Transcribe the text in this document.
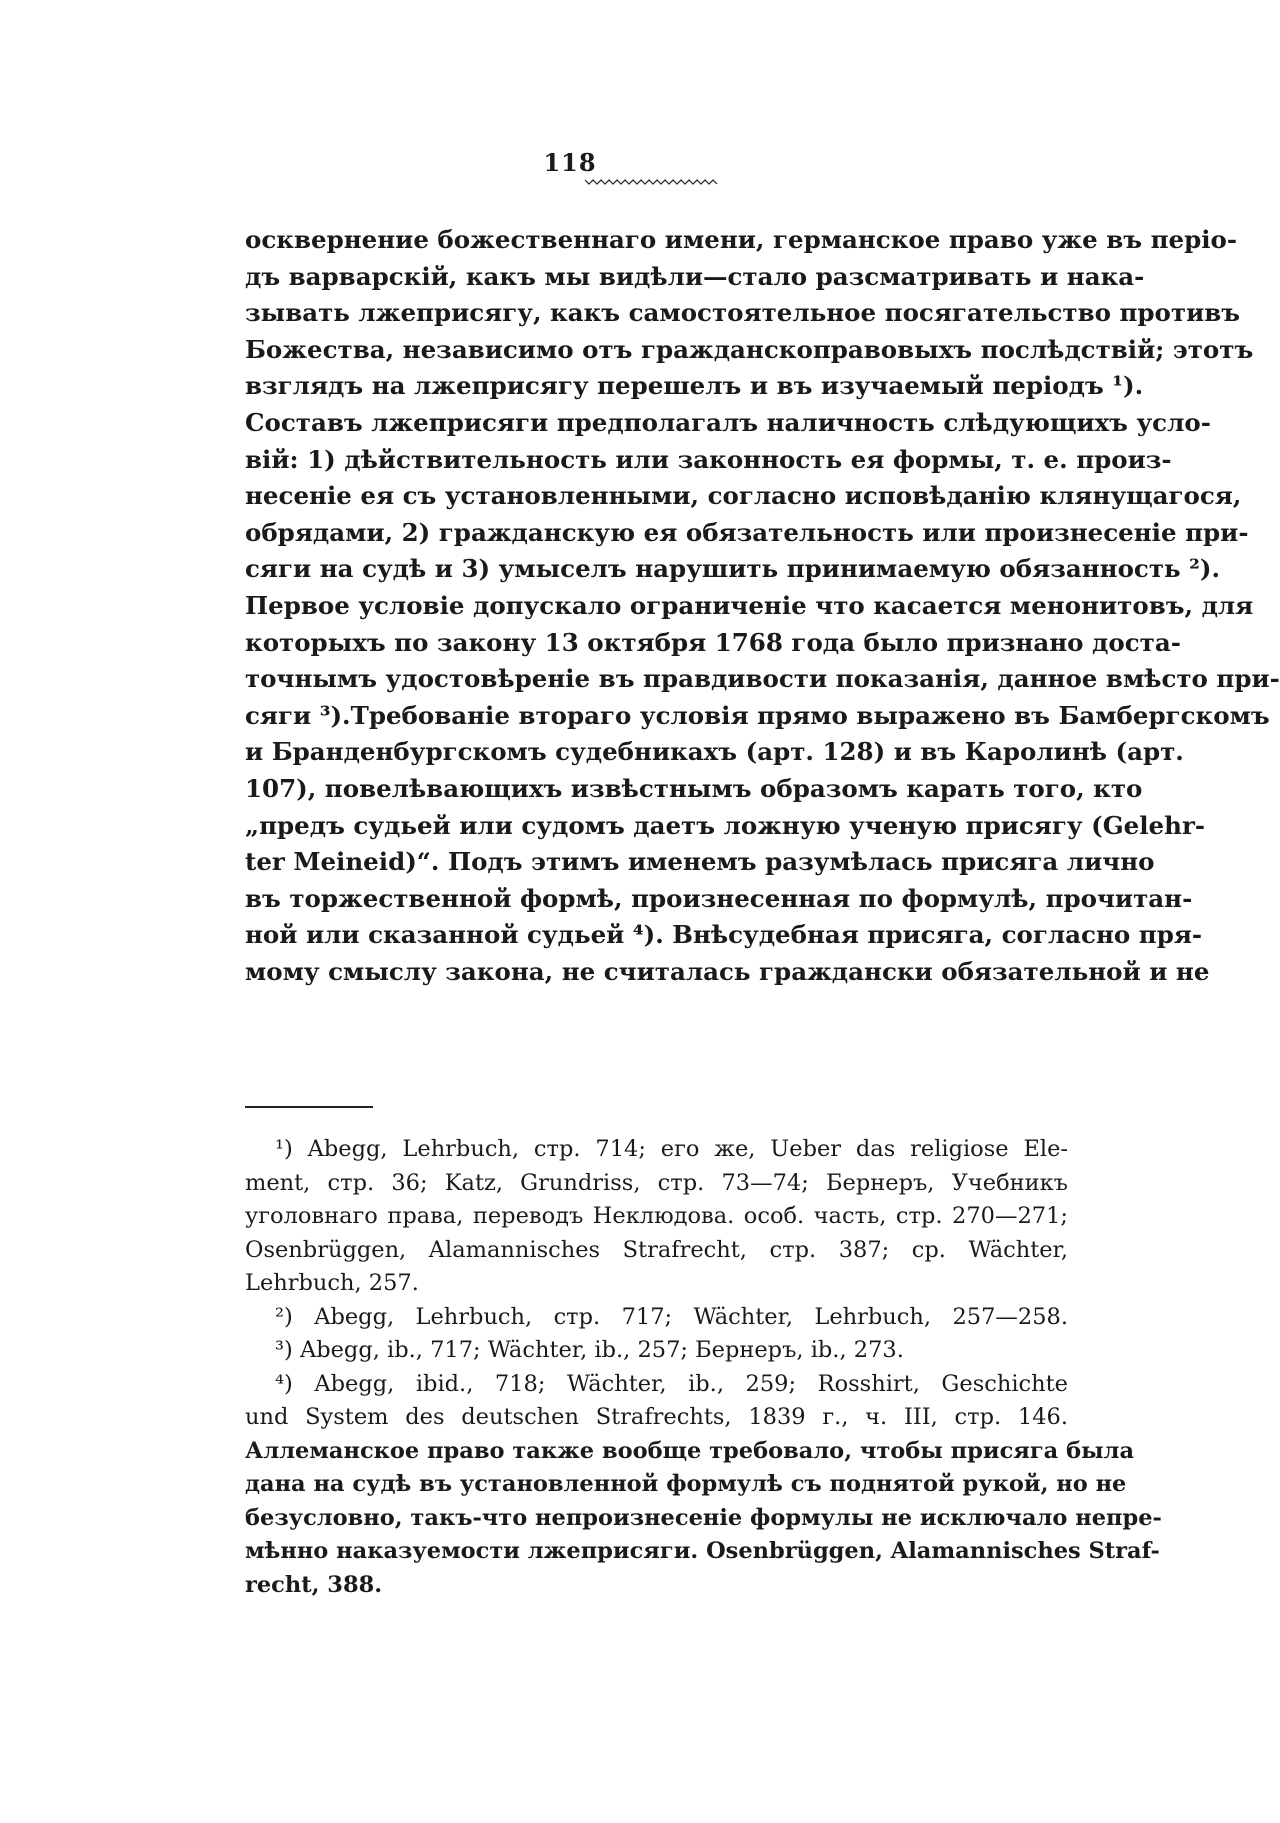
118
осквернение божественнаго имени, германское право уже въ періо-
дъ варварскій, какъ мы видѣли—стало разсматривать и нака-
зывать лжеприсягу, какъ самостоятельное посягательство противъ
Божества, независимо отъ гражданскоправовыхъ послѣдствій; этотъ
взглядъ на лжеприсягу перешелъ и въ изучаемый періодъ ¹).
Составъ лжеприсяги предполагалъ наличность слѣдующихъ усло-
вій: 1) дѣйствительность или законность ея формы, т. е. произ-
несеніе ея съ установленными, согласно исповѣданію клянущагося,
обрядами, 2) гражданскую ея обязательность или произнесеніе при-
сяги на судѣ и 3) умыселъ нарушить принимаемую обязанность ²).
Первое условіе допускало ограниченіе что касается менонитовъ, для
которыхъ по закону 13 октября 1768 года было признано доста-
точнымъ удостовѣреніе въ правдивости показанія, данное вмѣсто при-
сяги ³).Требованіе втораго условія прямо выражено въ Бамбергскомъ
и Бранденбургскомъ судебникахъ (арт. 128) и въ Каролинѣ (арт.
107), повелѣвающихъ извѣстнымъ образомъ карать того, кто
„предъ судьей или судомъ даетъ ложную ученую присягу (Gelehr-
ter Meineid)“. Подъ этимъ именемъ разумѣлась присяга лично
въ торжественной формѣ, произнесенная по формулѣ, прочитан-
ной или сказанной судьей ⁴). Внѣсудебная присяга, согласно пря-
мому смыслу закона, не считалась граждански обязательной и не
¹) Abegg, Lehrbuch, стр. 714; его же, Ueber das religiose Ele-
ment, стр. 36; Katz, Grundriss, стр. 73—74; Бернеръ, Учебникъ
уголовнаго права, переводъ Неклюдова. особ. часть, стр. 270—271;
Osenbrüggen, Alamannisches Strafrecht, стр. 387; ср. Wächter,
Lehrbuch, 257.
²) Abegg, Lehrbuch, стр. 717; Wächter, Lehrbuch, 257—258.
³) Abegg, ib., 717; Wächter, ib., 257; Бернеръ, ib., 273.
⁴) Abegg, ibid., 718; Wächter, ib., 259; Rosshirt, Geschichte
und System des deutschen Strafrechts, 1839 г., ч. III, стр. 146.
Аллеманское право также вообще требовало, чтобы присяга была
дана на судѣ въ установленной формулѣ съ поднятой рукой, но не
безусловно, такъ-что непроизнесеніе формулы не исключало непре-
мѣнно наказуемости лжеприсяги. Osenbrüggen, Alamannisches Straf-
recht, 388.
